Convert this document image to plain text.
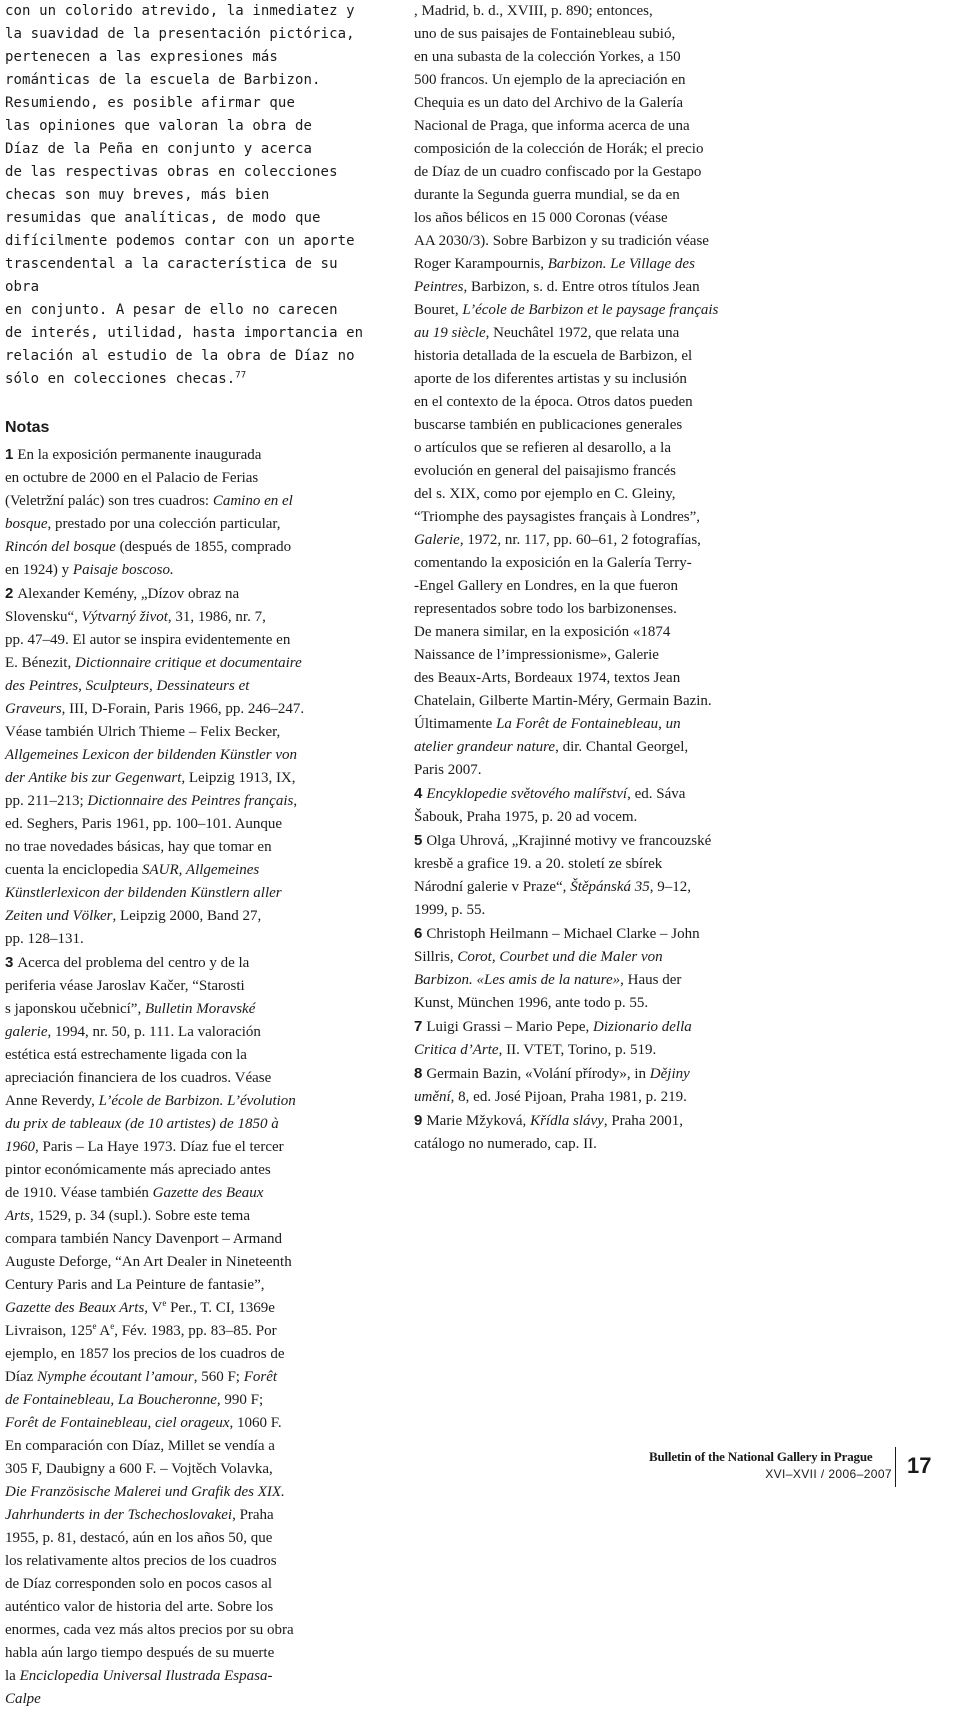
con un colorido atrevido, la inmediatez y
la suavidad de la presentación pictórica,
pertenecen a las expresiones más
románticas de la escuela de Barbizon.
Resumiendo, es posible afirmar que
las opiniones que valoran la obra de
Díaz de la Peña en conjunto y acerca
de las respectivas obras en colecciones
checas son muy breves, más bien
resumidas que analíticas, de modo que
difícilmente podemos contar con un aporte
trascendental a la característica de su obra
en conjunto. A pesar de ello no carecen
de interés, utilidad, hasta importancia en
relación al estudio de la obra de Díaz no
sólo en colecciones checas.$^{77}$

Notas

1 En la exposición permanente inaugurada
en octubre de 2000 en el Palacio de Ferias
(Veletržní palác) son tres cuadros: Camino en el
bosque, prestado por una colección particular,
Rincón del bosque (después de 1855, comprado
en 1924) y Paisaje boscoso.

2 Alexander Kemény, „Dízov obraz na
Slovensku“, Výtvarný život, 31, 1986, nr. 7,
pp. 47–49. El autor se inspira evidentemente en
E. Bénezit, Dictionnaire critique et documentaire
des Peintres, Sculpteurs, Dessinateurs et
Graveurs, III, D-Forain, Paris 1966, pp. 246–247.
Véase también Ulrich Thieme – Felix Becker,
Allgemeines Lexicon der bildenden Künstler von
der Antike bis zur Gegenwart, Leipzig 1913, IX,
pp. 211–213; Dictionnaire des Peintres français,
ed. Seghers, Paris 1961, pp. 100–101. Aunque
no trae novedades básicas, hay que tomar en
cuenta la enciclopedia SAUR, Allgemeines
Künstlerlexicon der bildenden Künstlern aller
Zeiten und Völker, Leipzig 2000, Band 27,
pp. 128–131.

3 Acerca del problema del centro y de la
periferia véase Jaroslav Kačer, “Starosti
s japonskou učebnicí”, Bulletin Moravské
galerie, 1994, nr. 50, p. 111. La valoración
estética está estrechamente ligada con la
apreciación financiera de los cuadros. Véase
Anne Reverdy, L’école de Barbizon. L’évolution
du prix de tableaux (de 10 artistes) de 1850 à
1960, Paris – La Haye 1973. Díaz fue el tercer
pintor económicamente más apreciado antes
de 1910. Véase también Gazette des Beaux
Arts, 1529, p. 34 (supl.). Sobre este tema
compara también Nancy Davenport – Armand
Auguste Deforge, “An Art Dealer in Nineteenth
Century Paris and La Peinture de fantasie”,
Gazette des Beaux Arts, Ve Per., T. CI, 1369e
Livraison, 125e $A^e$, Fév. 1983, pp. 83–85. Por
ejemplo, en 1857 los precios de los cuadros de
Díaz Nymphe écoutant l’amour, 560 F; Forêt
de Fontainebleau, La Boucheronne, 990 F;
Forêt de Fontainebleau, ciel orageux, 1060 F.
En comparación con Díaz, Millet se vendía a
305 F, Daubigny a 600 F. – Vojtěch Volavka,
Die Französische Malerei und Grafik des XIX.
Jahrhunderts in der Tschechoslovakei, Praha
1955, p. 81, destacó, aún en los años 50, que
los relativamente altos precios de los cuadros
de Díaz corresponden solo en pocos casos al
auténtico valor de historia del arte. Sobre los
enormes, cada vez más altos precios por su obra
habla aún largo tiempo después de su muerte
la Enciclopedia Universal Ilustrada Espasa-
Calpe

, Madrid, b. d., XVIII, p. 890; entonces,
uno de sus paisajes de Fontainebleau subió,
en una subasta de la colección Yorkes, a 150
500 francos. Un ejemplo de la apreciación en
Chequia es un dato del Archivo de la Galería
Nacional de Praga, que informa acerca de una
composición de la colección de Horák; el precio
de Díaz de un cuadro confiscado por la Gestapo
durante la Segunda guerra mundial, se da en
los años bélicos en 15 000 Coronas (véase
AA 2030/3). Sobre Barbizon y su tradición véase
Roger Karampournis, Barbizon. Le Village des
Peintres, Barbizon, s. d. Entre otros títulos Jean
Bouret, L’école de Barbizon et le paysage français
au 19 siècle, Neuchâtel 1972, que relata una
historia detallada de la escuela de Barbizon, el
aporte de los diferentes artistas y su inclusión
en el contexto de la época. Otros datos pueden
buscarse también en publicaciones generales
o artículos que se refieren al desarollo, a la
evolución en general del paisajismo francés
del s. XIX, como por ejemplo en C. Gleiny,
“Triomphe des paysagistes français à Londres”,
Galerie, 1972, nr. 117, pp. 60–61, 2 fotografías,
comentando la exposición en la Galería Terry-
-Engel Gallery en Londres, en la que fueron
representados sobre todo los barbizonenses.
De manera similar, en la exposición «1874
Naissance de l’impressionisme», Galerie
des Beaux-Arts, Bordeaux 1974, textos Jean
Chatelain, Gilberte Martin-Méry, Germain Bazin.
Últimamente La Forêt de Fontainebleau, un
atelier grandeur nature, dir. Chantal Georgel,
Paris 2007.

4 Encyklopedie světového malířství, ed. Sáva
Šabouk, Praha 1975, p. 20 ad vocem.

5 Olga Uhrová, „Krajinné motivy ve francouzské
kresbě a grafice 19. a 20. století ze sbírek
Národní galerie v Praze“, Štěpánská 35, 9–12,
1999, p. 55.

6 Christoph Heilmann – Michael Clarke – John
Sillris, Corot, Courbet und die Maler von
Barbizon. «Les amis de la nature», Haus der
Kunst, München 1996, ante todo p. 55.

7 Luigi Grassi – Mario Pepe, Dizionario della
Critica d’Arte, II. VTET, Torino, p. 519.

8 Germain Bazin, «Volání přírody», in Dějiny
umění, 8, ed. José Pijoan, Praha 1981, p. 219.

9 Marie Mžyková, Křídla slávy, Praha 2001,
catálogo no numerado, cap. II.

Bulletin of the National Gallery in Prague
XVI–XVII / 2006–2007 17
